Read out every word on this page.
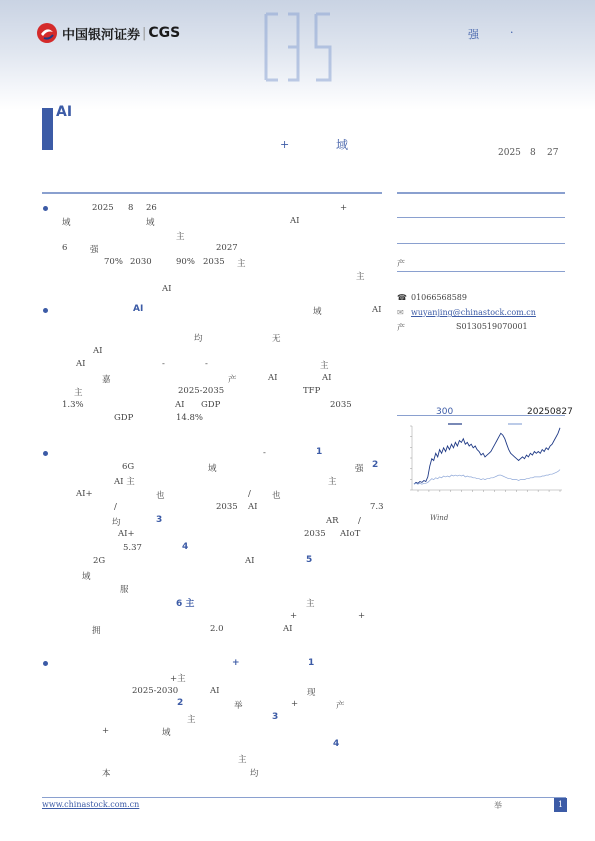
中国银河证券 | CGS	强	·
AI
+	域
2025 8 27
2025 8 26	+
域	域	AI
主
6	强	2027
70% 2030	90% 2035 主
主
AI
域	AI
均	无
AI
AI	-	-	主
嘉	产	AI	AI
主	2025-2035	TFP
1.3%	AI GDP	2035
GDP	14.8%
AI
-
6G	域	强
AI 主	主
AI+	也	/ 也
/	2035 AI	7.3
均	AR /
AI+	2035 AIoT
5.37
2G	AI
域
服
主
+	+
拥	2.0	AI
1
2
3
4
5
6 主
+主
2025-2030	AI	现
举	+	产
主
+	域
主
本	均
+	1
2
3
4
产
☎ 01066568589
✉ wuyanjing@chinastock.com.cn
产	S0130519070001
300	20250827
Wind
www.chinastock.com.cn	举	1
